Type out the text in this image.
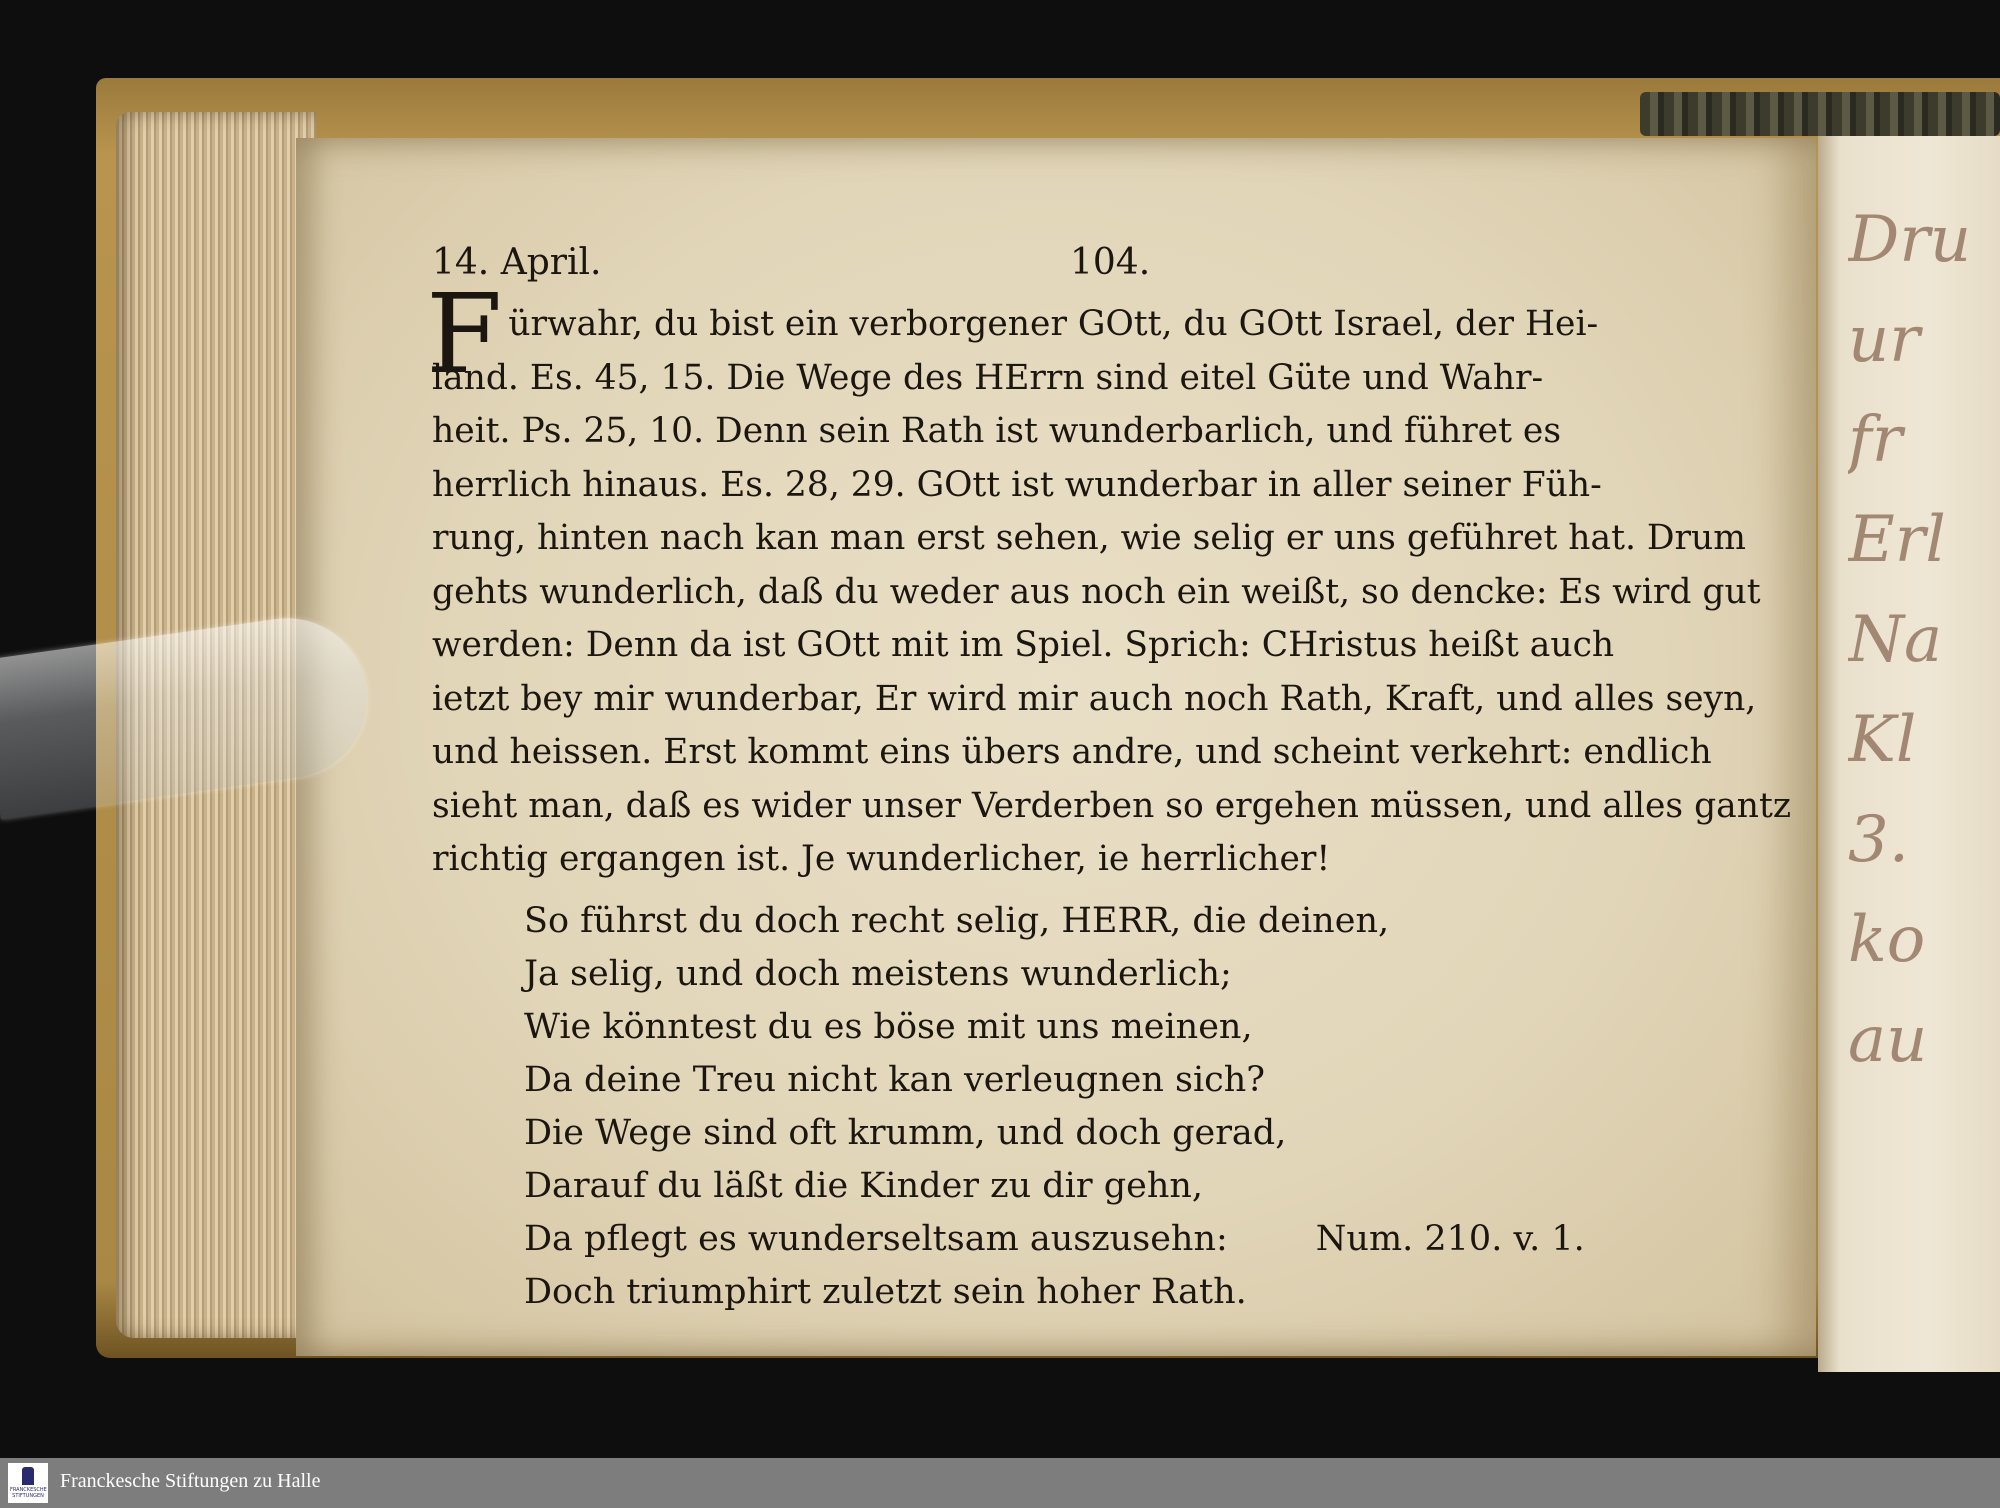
Dru
ur
fr
Erl
Na
Kl
3.
ko
au
14. April.	104.
F ürwahr, du bist ein verborgener GOtt, du GOtt Israel, der Hei-
land. Es. 45, 15. Die Wege des HErrn sind eitel Güte und Wahr-
heit. Ps. 25, 10. Denn sein Rath ist wunderbarlich, und führet es
herrlich hinaus. Es. 28, 29. GOtt ist wunderbar in aller seiner Füh-
rung, hinten nach kan man erst sehen, wie selig er uns geführet hat. Drum
gehts wunderlich, daß du weder aus noch ein weißt, so dencke: Es wird gut
werden: Denn da ist GOtt mit im Spiel. Sprich: CHristus heißt auch
ietzt bey mir wunderbar, Er wird mir auch noch Rath, Kraft, und alles seyn,
und heissen. Erst kommt eins übers andre, und scheint verkehrt: endlich
sieht man, daß es wider unser Verderben so ergehen müssen, und alles gantz
richtig ergangen ist. Je wunderlicher, ie herrlicher!
So führst du doch recht selig, HERR, die deinen,
Ja selig, und doch meistens wunderlich;
Wie könntest du es böse mit uns meinen,
Da deine Treu nicht kan verleugnen sich?
Die Wege sind oft krumm, und doch gerad,
Darauf du läßt die Kinder zu dir gehn,
Da pflegt es wunderseltsam auszusehn:	Num. 210. v. 1.
Doch triumphirt zuletzt sein hoher Rath.
FRANCKESCHE STIFTUNGEN
Franckesche Stiftungen zu Halle
